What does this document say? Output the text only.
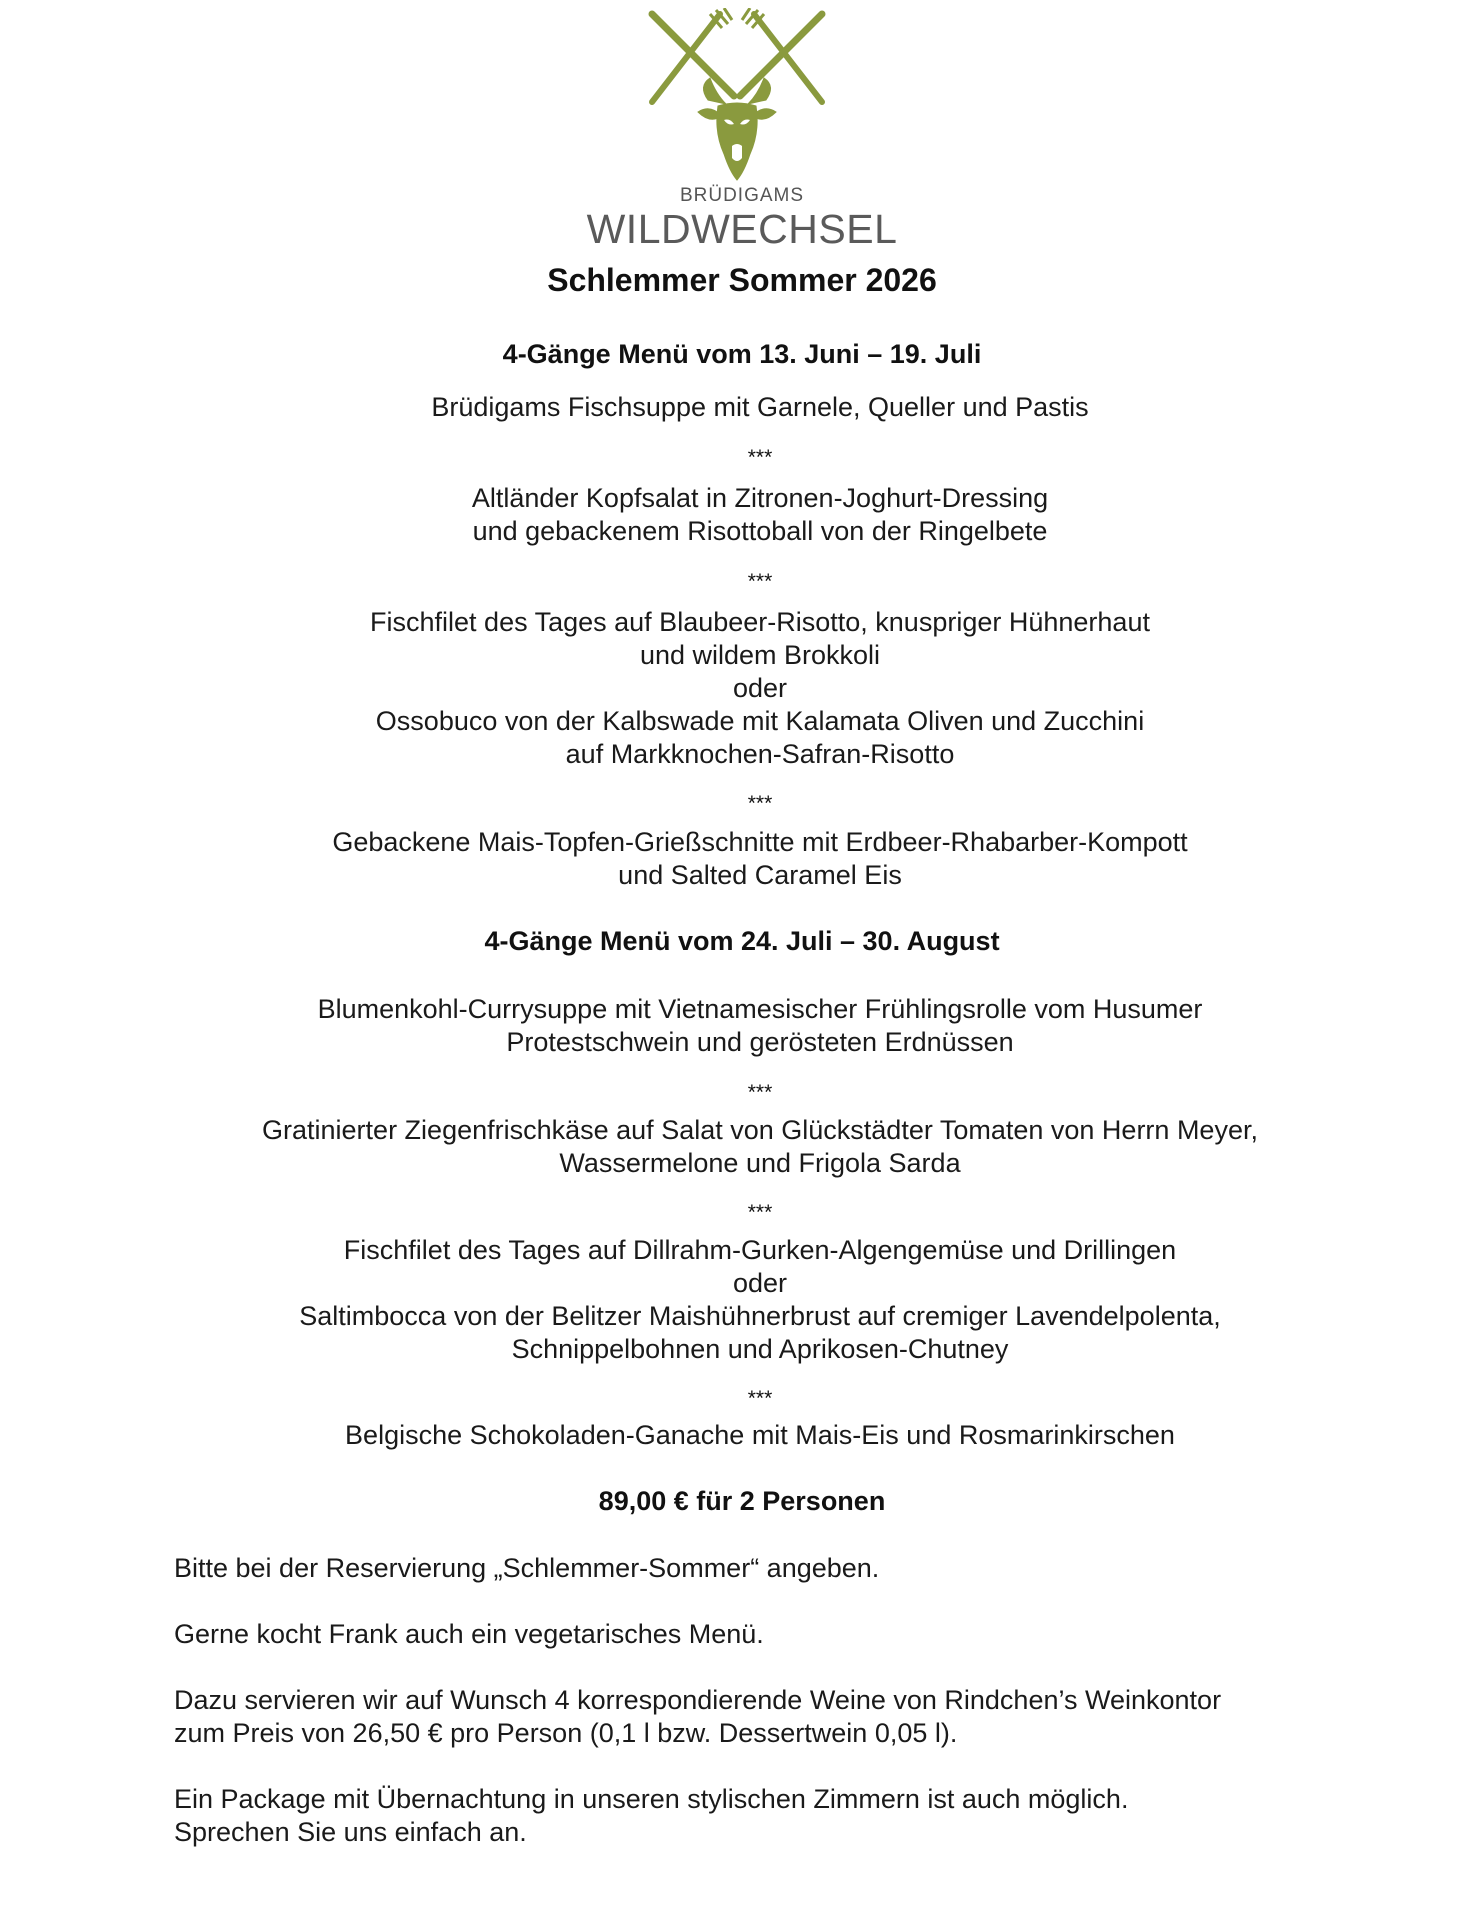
BRÜDIGAMS
WILDWECHSEL
Schlemmer Sommer 2026
4-Gänge Menü vom 13. Juni – 19. Juli
Brüdigams Fischsuppe mit Garnele, Queller und Pastis
***
Altländer Kopfsalat in Zitronen-Joghurt-Dressing
und gebackenem Risottoball von der Ringelbete
***
Fischfilet des Tages auf Blaubeer-Risotto, knuspriger Hühnerhaut
und wildem Brokkoli
oder
Ossobuco von der Kalbswade mit Kalamata Oliven und Zucchini
auf Markknochen-Safran-Risotto
***
Gebackene Mais-Topfen-Grießschnitte mit Erdbeer-Rhabarber-Kompott
und Salted Caramel Eis
4-Gänge Menü vom 24. Juli – 30. August
Blumenkohl-Currysuppe mit Vietnamesischer Frühlingsrolle vom Husumer
Protestschwein und gerösteten Erdnüssen
***
Gratinierter Ziegenfrischkäse auf Salat von Glückstädter Tomaten von Herrn Meyer,
Wassermelone und Frigola Sarda
***
Fischfilet des Tages auf Dillrahm-Gurken-Algengemüse und Drillingen
oder
Saltimbocca von der Belitzer Maishühnerbrust auf cremiger Lavendelpolenta,
Schnippelbohnen und Aprikosen-Chutney
***
Belgische Schokoladen-Ganache mit Mais-Eis und Rosmarinkirschen
89,00 € für 2 Personen
Bitte bei der Reservierung „Schlemmer-Sommer“ angeben.
Gerne kocht Frank auch ein vegetarisches Menü.
Dazu servieren wir auf Wunsch 4 korrespondierende Weine von Rindchen’s Weinkontor
zum Preis von 26,50 € pro Person (0,1 l bzw. Dessertwein 0,05 l).
Ein Package mit Übernachtung in unseren stylischen Zimmern ist auch möglich.
Sprechen Sie uns einfach an.
